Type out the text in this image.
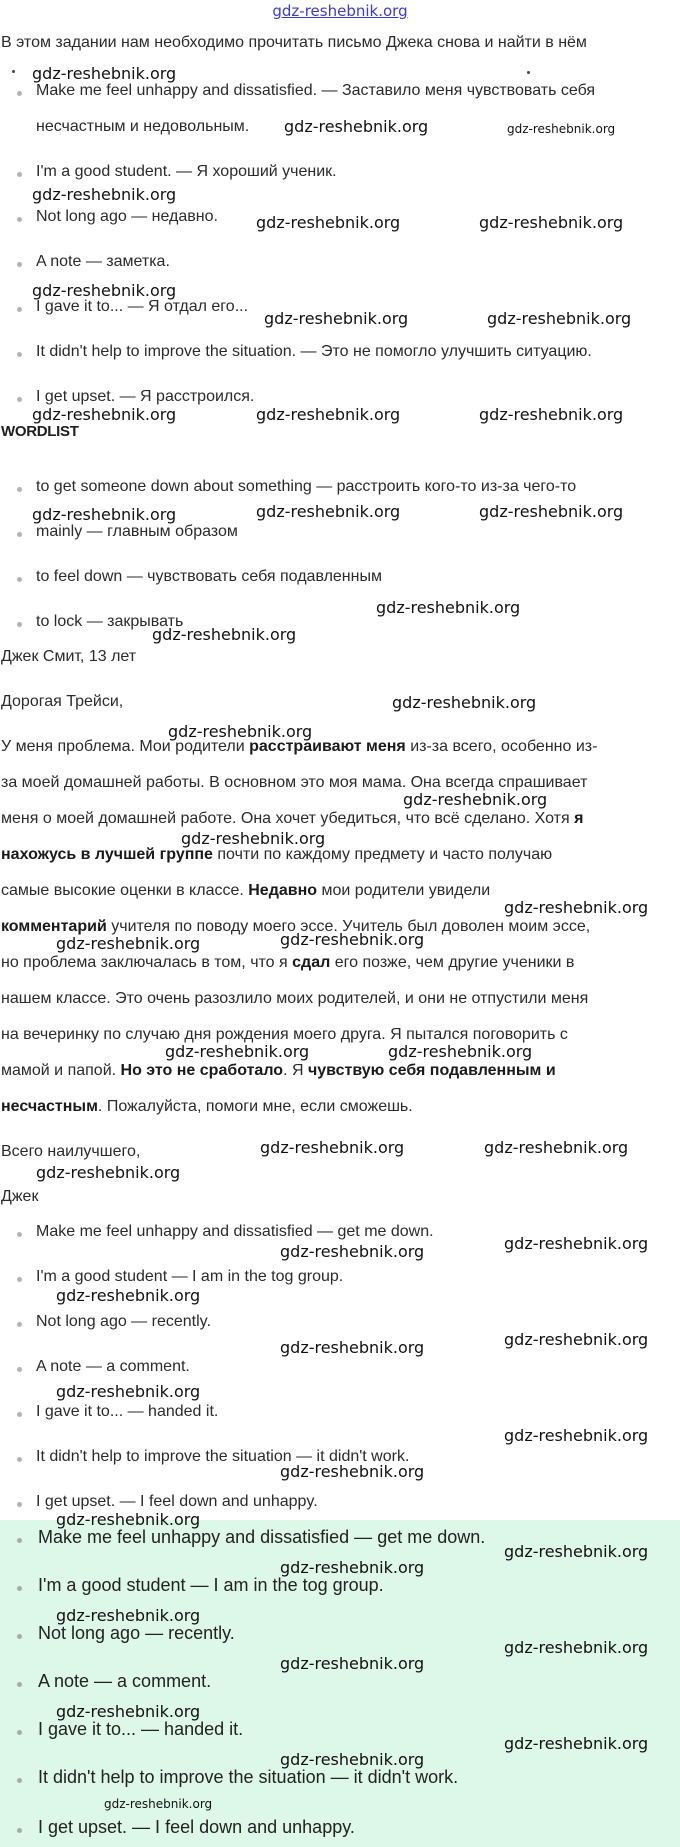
gdz-reshebnik.org
В этом задании нам необходимо прочитать письмо Джека снова и найти в нём
Make me feel unhappy and dissatisfied. — Заставило меня чувствовать себя
несчастным и недовольным.
I'm a good student. — Я хороший ученик.
Not long ago — недавно.
A note — заметка.
I gave it to... — Я отдал его...
It didn't help to improve the situation. — Это не помогло улучшить ситуацию.
I get upset. — Я расстроился.
WORDLIST
to get someone down about something — расстроить кого-то из-за чего-то
mainly — главным образом
to feel down — чувствовать себя подавленным
to lock — закрывать
Джек Смит, 13 лет
Дорогая Трейси,
У меня проблема. Мои родители расстраивают меня из-за всего, особенно из-
за моей домашней работы. В основном это моя мама. Она всегда спрашивает
меня о моей домашней работе. Она хочет убедиться, что всё сделано. Хотя я
нахожусь в лучшей группе почти по каждому предмету и часто получаю
самые высокие оценки в классе. Недавно мои родители увидели
комментарий учителя по поводу моего эссе. Учитель был доволен моим эссе,
но проблема заключалась в том, что я сдал его позже, чем другие ученики в
нашем классе. Это очень разозлило моих родителей, и они не отпустили меня
на вечеринку по случаю дня рождения моего друга. Я пытался поговорить с
мамой и папой. Но это не сработало. Я чувствую себя подавленным и
несчастным. Пожалуйста, помоги мне, если сможешь.
Всего наилучшего,
Джек
Make me feel unhappy and dissatisfied — get me down.
I'm a good student — I am in the tog group.
Not long ago — recently.
A note — a comment.
I gave it to... — handed it.
It didn't help to improve the situation — it didn't work.
I get upset. — I feel down and unhappy.
Make me feel unhappy and dissatisfied — get me down.
I'm a good student — I am in the tog group.
Not long ago — recently.
A note — a comment.
I gave it to... — handed it.
It didn't help to improve the situation — it didn't work.
I get upset. — I feel down and unhappy.
gdz-reshebnik.org
gdz-reshebnik.org	gdz-reshebnik.org
gdz-reshebnik.org
gdz-reshebnik.org	gdz-reshebnik.org
gdz-reshebnik.org
gdz-reshebnik.org	gdz-reshebnik.org
gdz-reshebnik.org	gdz-reshebnik.org	gdz-reshebnik.org
gdz-reshebnik.org	gdz-reshebnik.org	gdz-reshebnik.org
gdz-reshebnik.org
gdz-reshebnik.org
gdz-reshebnik.org
gdz-reshebnik.org
gdz-reshebnik.org
gdz-reshebnik.org
gdz-reshebnik.org
gdz-reshebnik.org
gdz-reshebnik.org
gdz-reshebnik.org	gdz-reshebnik.org
gdz-reshebnik.org	gdz-reshebnik.org
gdz-reshebnik.org
gdz-reshebnik.org
gdz-reshebnik.org
gdz-reshebnik.org
gdz-reshebnik.org
gdz-reshebnik.org
gdz-reshebnik.org
gdz-reshebnik.org
gdz-reshebnik.org
gdz-reshebnik.org
gdz-reshebnik.org
gdz-reshebnik.org
gdz-reshebnik.org
gdz-reshebnik.org
gdz-reshebnik.org
gdz-reshebnik.org
gdz-reshebnik.org
gdz-reshebnik.org
gdz-reshebnik.org
